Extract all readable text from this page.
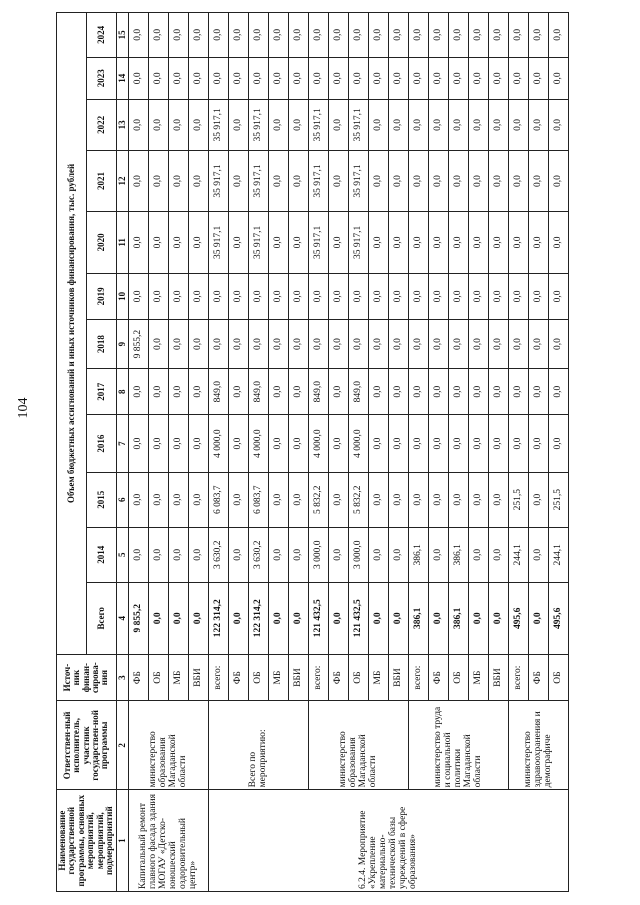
104
Наименование государственной программы, основных мероприятий, мероприятий, подмероприятий	Ответствен-ный исполнитель, участник государствен-ной программы	Источ-ник финан-сирова-ния	Объем бюджетных ассигнований и иных источников финансирования, тыс. рублей											
			Всего	2014	2015	2016	2017	2018	2019	2020	2021	2022	2023	2024
1	2	3	4	5	6	7	8	9	10	11	12	13	14	15
Капитальный ремонт главного фасада здания МОГАУ «Детско-юношеский оздоровительный центр»	министерство образования Магаданской области	ФБ	9 855,2	0,0	0,0	0,0	0,0	9 855,2	0,0	0,0	0,0	0,0	0,0	0,0
		ОБ	0,0	0,0	0,0	0,0	0,0	0,0	0,0	0,0	0,0	0,0	0,0	0,0
		МБ	0,0	0,0	0,0	0,0	0,0	0,0	0,0	0,0	0,0	0,0	0,0	0,0
		ВБИ	0,0	0,0	0,0	0,0	0,0	0,0	0,0	0,0	0,0	0,0	0,0	0,0
6.2.4. Мероприятие «Укрепление материально-технической базы учреждений в сфере образования»	Всего по мероприятию:	всего:	122 314,2	3 630,2	6 083,7	4 000,0	849,0	0,0	0,0	35 917,1	35 917,1	35 917,1	0,0	0,0
		ФБ	0,0	0,0	0,0	0,0	0,0	0,0	0,0	0,0	0,0	0,0	0,0	0,0
		ОБ	122 314,2	3 630,2	6 083,7	4 000,0	849,0	0,0	0,0	35 917,1	35 917,1	35 917,1	0,0	0,0
		МБ	0,0	0,0	0,0	0,0	0,0	0,0	0,0	0,0	0,0	0,0	0,0	0,0
		ВБИ	0,0	0,0	0,0	0,0	0,0	0,0	0,0	0,0	0,0	0,0	0,0	0,0
	министерство образования Магаданской области	всего:	121 432,5	3 000,0	5 832,2	4 000,0	849,0	0,0	0,0	35 917,1	35 917,1	35 917,1	0,0	0,0
		ФБ	0,0	0,0	0,0	0,0	0,0	0,0	0,0	0,0	0,0	0,0	0,0	0,0
		ОБ	121 432,5	3 000,0	5 832,2	4 000,0	849,0	0,0	0,0	35 917,1	35 917,1	35 917,1	0,0	0,0
		МБ	0,0	0,0	0,0	0,0	0,0	0,0	0,0	0,0	0,0	0,0	0,0	0,0
		ВБИ	0,0	0,0	0,0	0,0	0,0	0,0	0,0	0,0	0,0	0,0	0,0	0,0
	министерство труда и социальной политики Магаданской области	всего:	386,1	386,1	0,0	0,0	0,0	0,0	0,0	0,0	0,0	0,0	0,0	0,0
		ФБ	0,0	0,0	0,0	0,0	0,0	0,0	0,0	0,0	0,0	0,0	0,0	0,0
		ОБ	386,1	386,1	0,0	0,0	0,0	0,0	0,0	0,0	0,0	0,0	0,0	0,0
		МБ	0,0	0,0	0,0	0,0	0,0	0,0	0,0	0,0	0,0	0,0	0,0	0,0
		ВБИ	0,0	0,0	0,0	0,0	0,0	0,0	0,0	0,0	0,0	0,0	0,0	0,0
	министерство здравоохранения и демографиче	всего:	495,6	244,1	251,5	0,0	0,0	0,0	0,0	0,0	0,0	0,0	0,0	0,0
		ФБ	0,0	0,0	0,0	0,0	0,0	0,0	0,0	0,0	0,0	0,0	0,0	0,0
		ОБ	495,6	244,1	251,5	0,0	0,0	0,0	0,0	0,0	0,0	0,0	0,0	0,0
